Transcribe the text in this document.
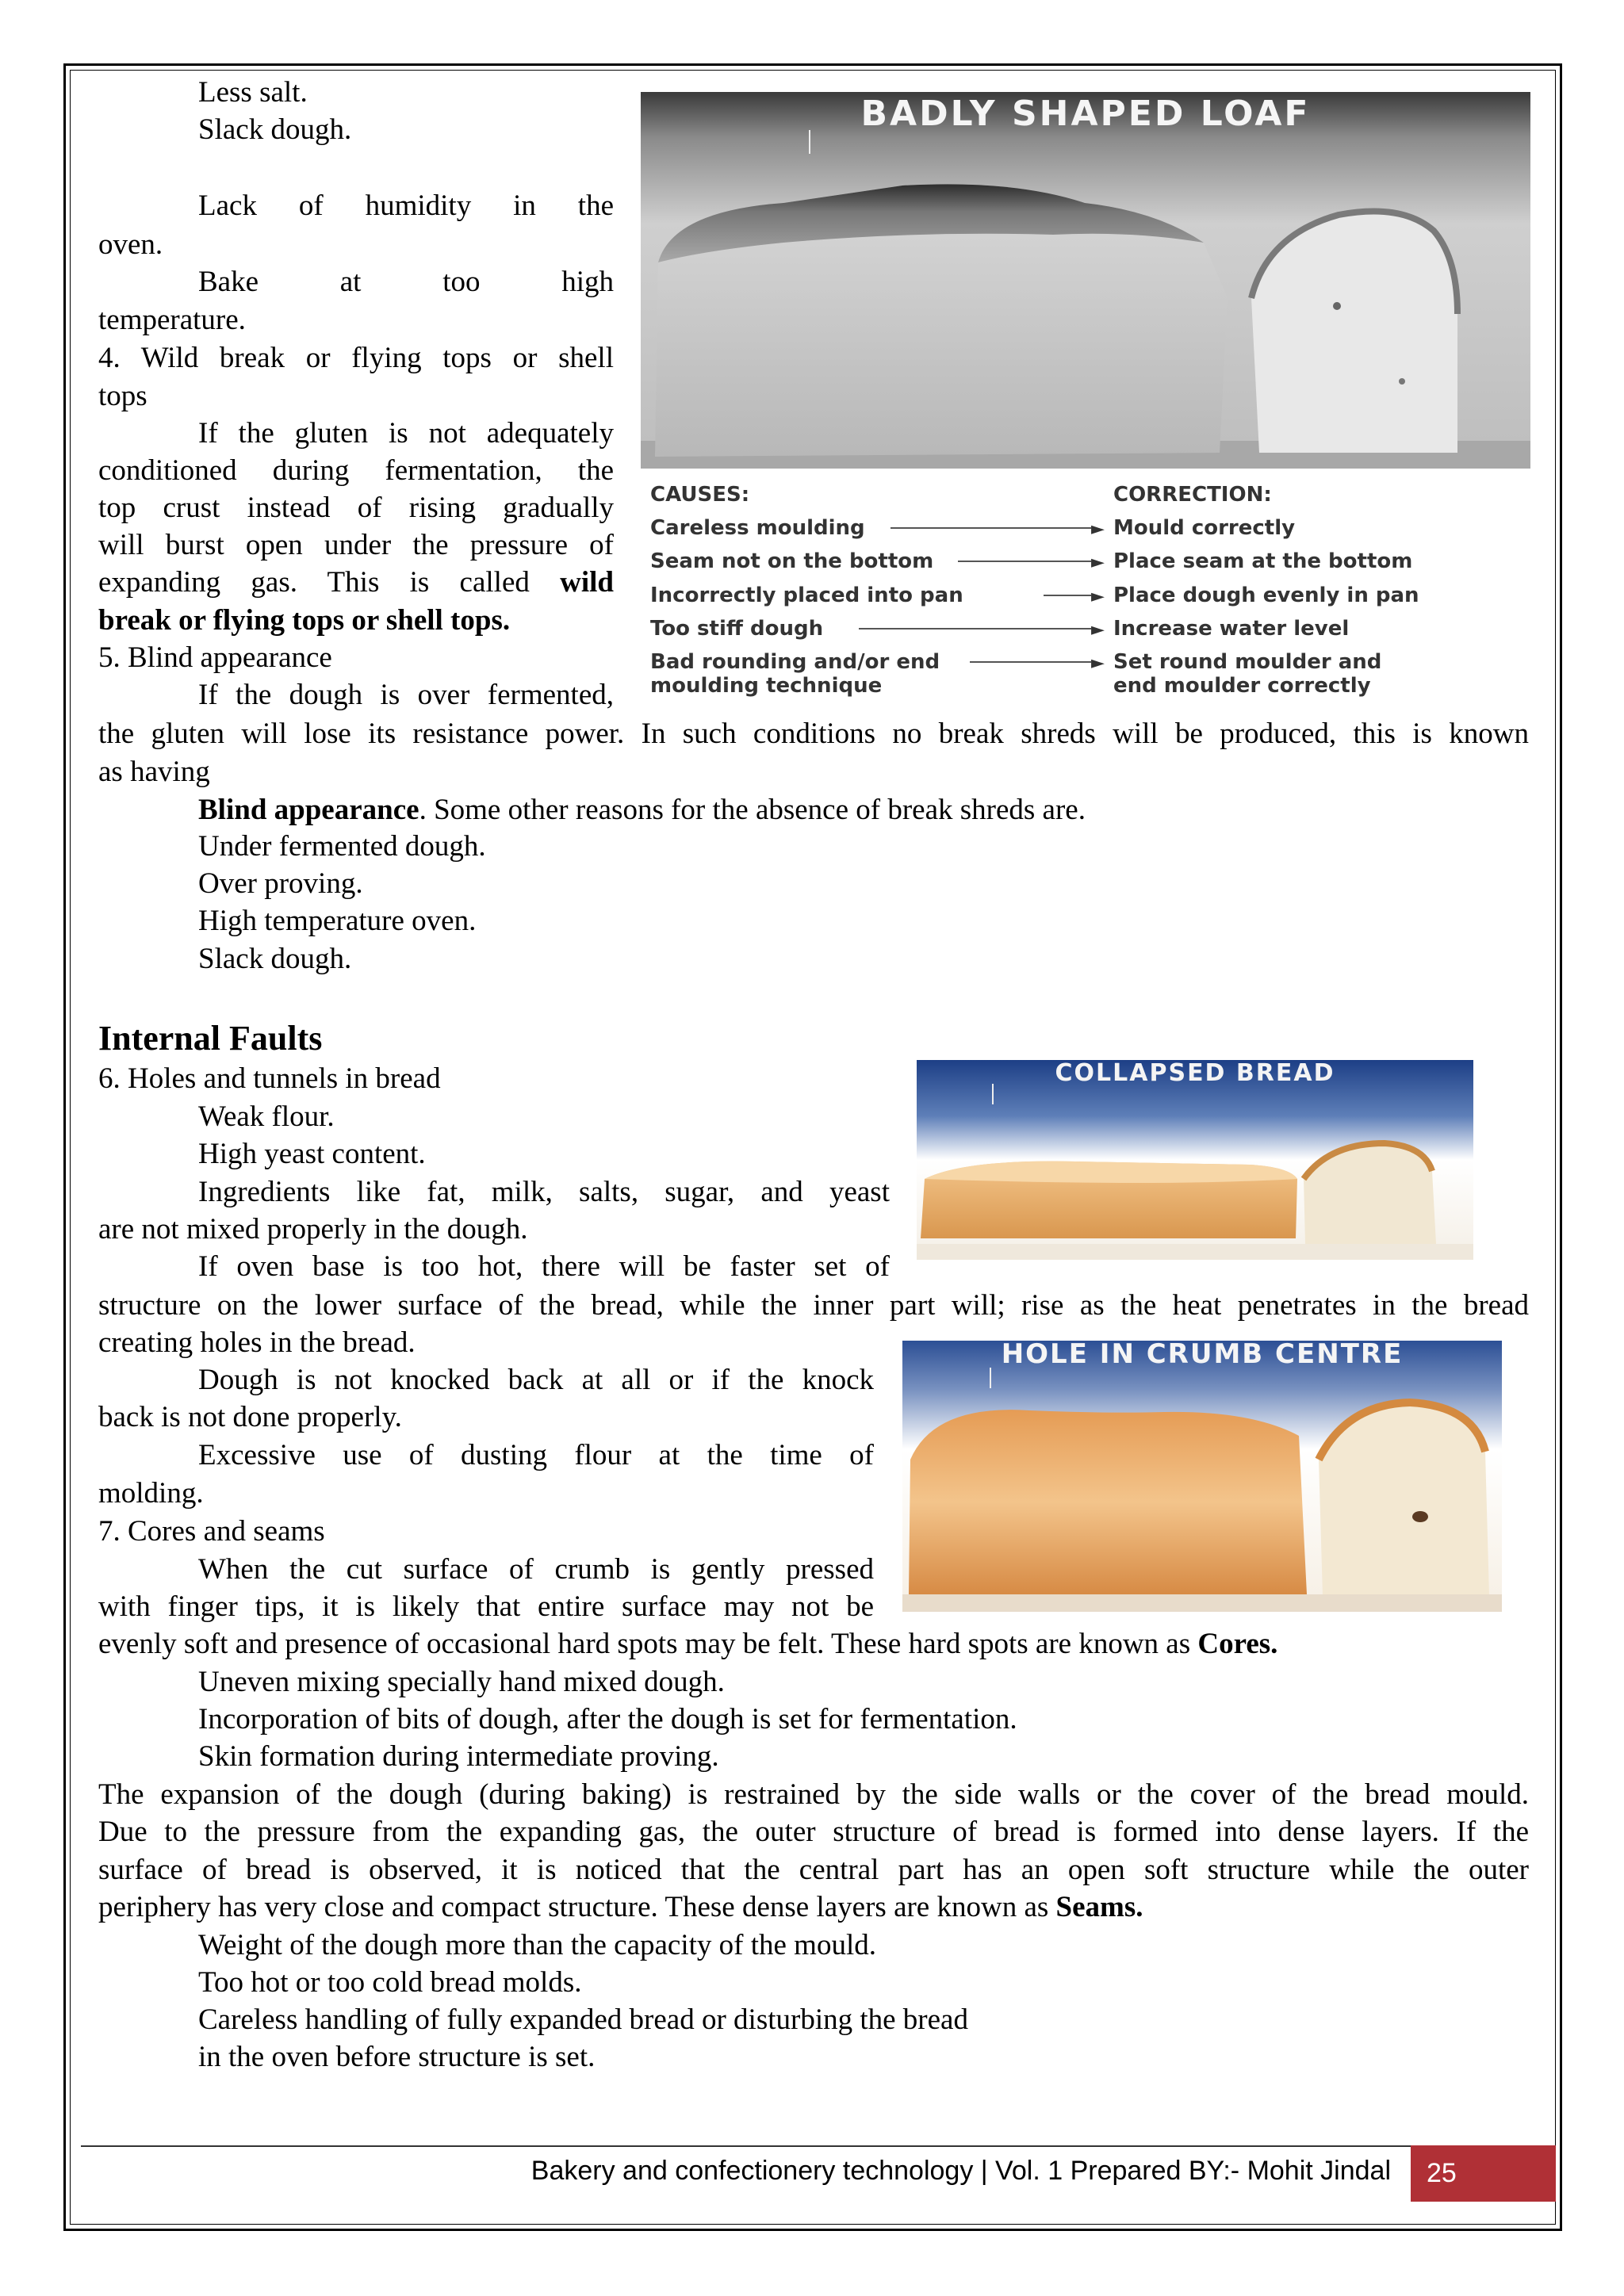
Less salt.
Slack dough.
Lack of humidity in the
oven.
Bake at too high
temperature.
4. Wild break or flying tops or shell
tops
If the gluten is not adequately
conditioned during fermentation, the
top crust instead of rising gradually
will burst open under the pressure of
expanding gas. This is called wild
break or flying tops or shell tops.
5. Blind appearance
If the dough is over fermented,
the gluten will lose its resistance power. In such conditions no break shreds will be produced, this is known
as having
Blind appearance. Some other reasons for the absence of break shreds are.
Under fermented dough.
Over proving.
High temperature oven.
Slack dough.
Internal Faults
6. Holes and tunnels in bread
Weak flour.
High yeast content.
Ingredients like fat, milk, salts, sugar, and yeast
are not mixed properly in the dough.
If oven base is too hot, there will be faster set of
structure on the lower surface of the bread, while the inner part will; rise as the heat penetrates in the bread
creating holes in the bread.
Dough is not knocked back at all or if the knock
back is not done properly.
Excessive use of dusting flour at the time of
molding.
7. Cores and seams
When the cut surface of crumb is gently pressed
with finger tips, it is likely that entire surface may not be
evenly soft and presence of occasional hard spots may be felt. These hard spots are known as Cores.
Uneven mixing specially hand mixed dough.
Incorporation of bits of dough, after the dough is set for fermentation.
Skin formation during intermediate proving.
The expansion of the dough (during baking) is restrained by the side walls or the cover of the bread mould.
Due to the pressure from the expanding gas, the outer structure of bread is formed into dense layers. If the
surface of bread is observed, it is noticed that the central part has an open soft structure while the outer
periphery has very close and compact structure. These dense layers are known as Seams.
Weight of the dough more than the capacity of the mould.
Too hot or too cold bread molds.
Careless handling of fully expanded bread or disturbing the bread
in the oven before structure is set.
BADLY SHAPED LOAF
CAUSES:	CORRECTION:
Careless moulding
Seam not on the bottom
Incorrectly placed into pan
Too stiff dough
Bad rounding and/or end
moulding technique
►
►
►
►
►
Mould correctly
Place seam at the bottom
Place dough evenly in pan
Increase water level
Set round moulder and
end moulder correctly
COLLAPSED BREAD
HOLE IN CRUMB CENTRE
Bakery and confectionery technology | Vol. 1 Prepared BY:- Mohit Jindal	25
